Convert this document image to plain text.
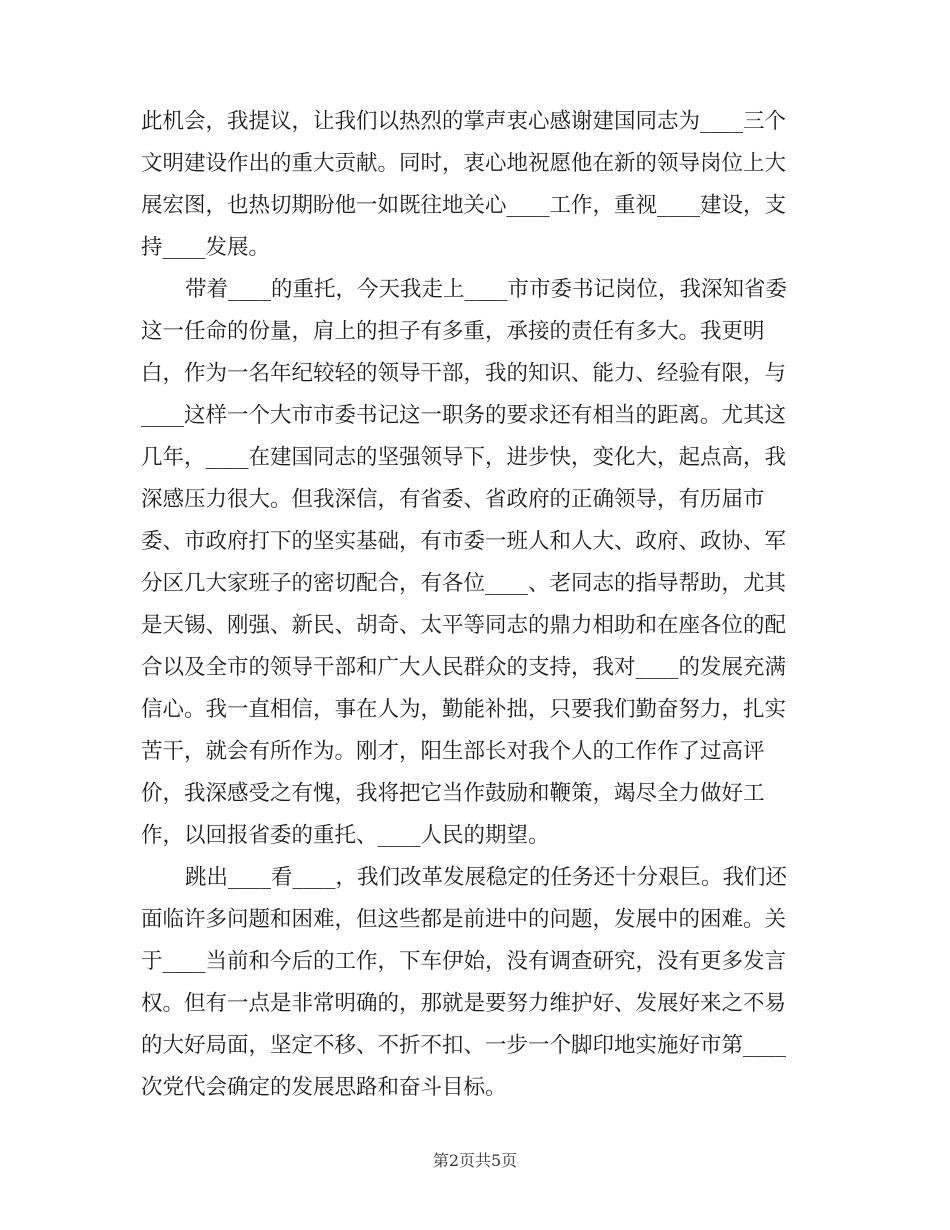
此机会，我提议，让我们以热烈的掌声衷心感谢建国同志为____三个
文明建设作出的重大贡献。同时，衷心地祝愿他在新的领导岗位上大
展宏图，也热切期盼他一如既往地关心____工作，重视____建设，支
持____发展。
带着____的重托，今天我走上____市市委书记岗位，我深知省委
这一任命的份量，肩上的担子有多重，承接的责任有多大。我更明
白，作为一名年纪较轻的领导干部，我的知识、能力、经验有限，与
____这样一个大市市委书记这一职务的要求还有相当的距离。尤其这
几年，____在建国同志的坚强领导下，进步快，变化大，起点高，我
深感压力很大。但我深信，有省委、省政府的正确领导，有历届市
委、市政府打下的坚实基础，有市委一班人和人大、政府、政协、军
分区几大家班子的密切配合，有各位____、老同志的指导帮助，尤其
是天锡、刚强、新民、胡奇、太平等同志的鼎力相助和在座各位的配
合以及全市的领导干部和广大人民群众的支持，我对____的发展充满
信心。我一直相信，事在人为，勤能补拙，只要我们勤奋努力，扎实
苦干，就会有所作为。刚才，阳生部长对我个人的工作作了过高评
价，我深感受之有愧，我将把它当作鼓励和鞭策，竭尽全力做好工
作，以回报省委的重托、____人民的期望。
跳出____看____，我们改革发展稳定的任务还十分艰巨。我们还
面临许多问题和困难，但这些都是前进中的问题，发展中的困难。关
于____当前和今后的工作，下车伊始，没有调查研究，没有更多发言
权。但有一点是非常明确的，那就是要努力维护好、发展好来之不易
的大好局面，坚定不移、不折不扣、一步一个脚印地实施好市第____
次党代会确定的发展思路和奋斗目标。
第2页共5页
